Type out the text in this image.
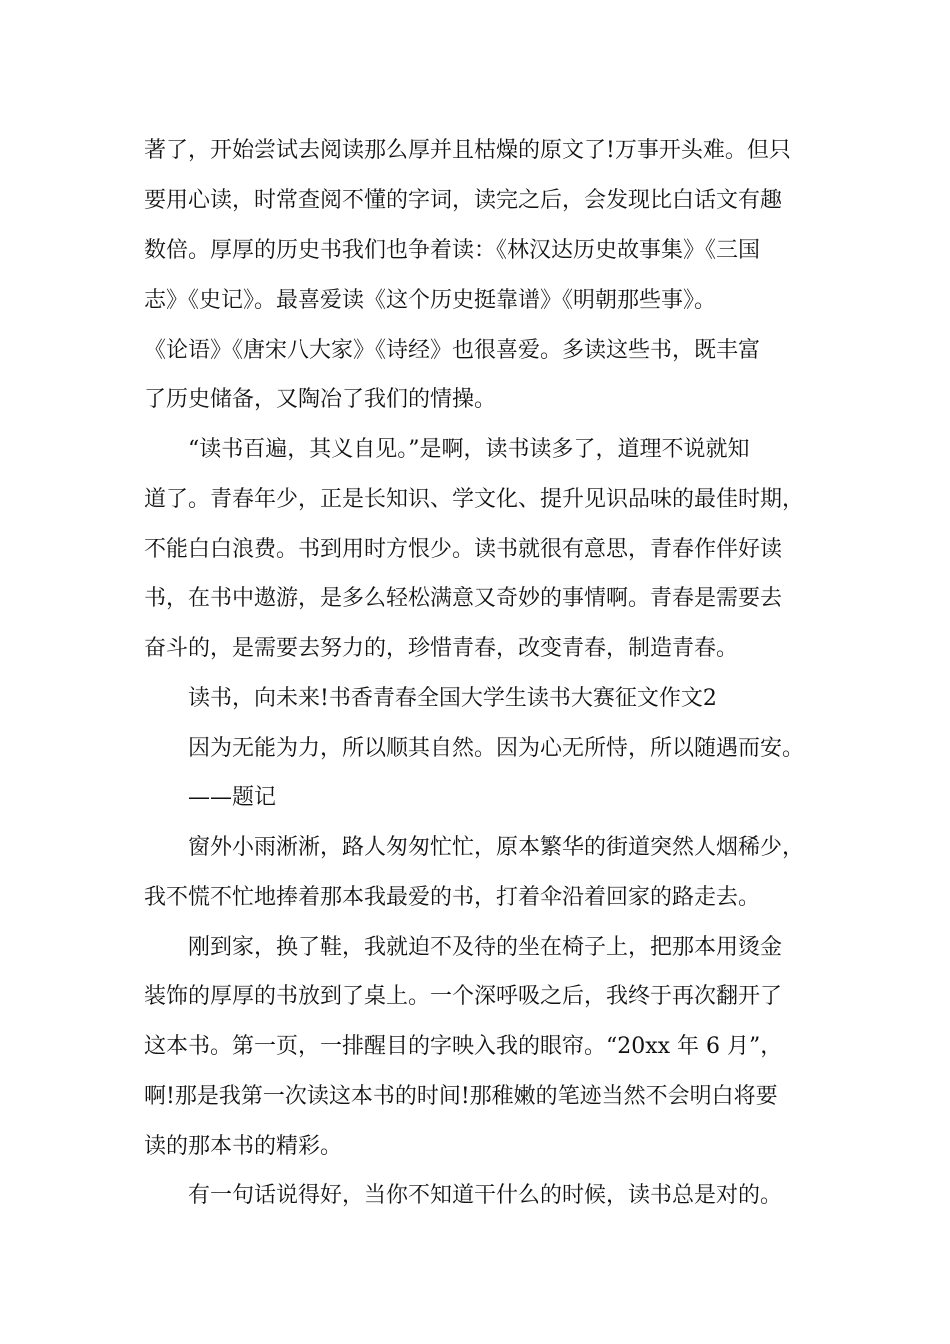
著了，开始尝试去阅读那么厚并且枯燥的原文了!万事开头难。但只
要用心读，时常查阅不懂的字词，读完之后，会发现比白话文有趣
数倍。厚厚的历史书我们也争着读：《林汉达历史故事集》《三国
志》《史记》。最喜爱读《这个历史挺靠谱》《明朝那些事》。
《论语》《唐宋八大家》《诗经》也很喜爱。多读这些书，既丰富
了历史储备，又陶冶了我们的情操。
“读书百遍，其义自见。”是啊，读书读多了，道理不说就知
道了。青春年少，正是长知识、学文化、提升见识品味的最佳时期，
不能白白浪费。书到用时方恨少。读书就很有意思，青春作伴好读
书，在书中遨游，是多么轻松满意又奇妙的事情啊。青春是需要去
奋斗的，是需要去努力的，珍惜青春，改变青春，制造青春。
读书，向未来!书香青春全国大学生读书大赛征文作文2
因为无能为力，所以顺其自然。因为心无所恃，所以随遇而安。
——题记
窗外小雨淅淅，路人匆匆忙忙，原本繁华的街道突然人烟稀少，
我不慌不忙地捧着那本我最爱的书，打着伞沿着回家的路走去。
刚到家，换了鞋，我就迫不及待的坐在椅子上，把那本用烫金
装饰的厚厚的书放到了桌上。一个深呼吸之后，我终于再次翻开了
这本书。第一页，一排醒目的字映入我的眼帘。“20xx 年 6 月”，
啊!那是我第一次读这本书的时间!那稚嫩的笔迹当然不会明白将要
读的那本书的精彩。
有一句话说得好，当你不知道干什么的时候，读书总是对的。
